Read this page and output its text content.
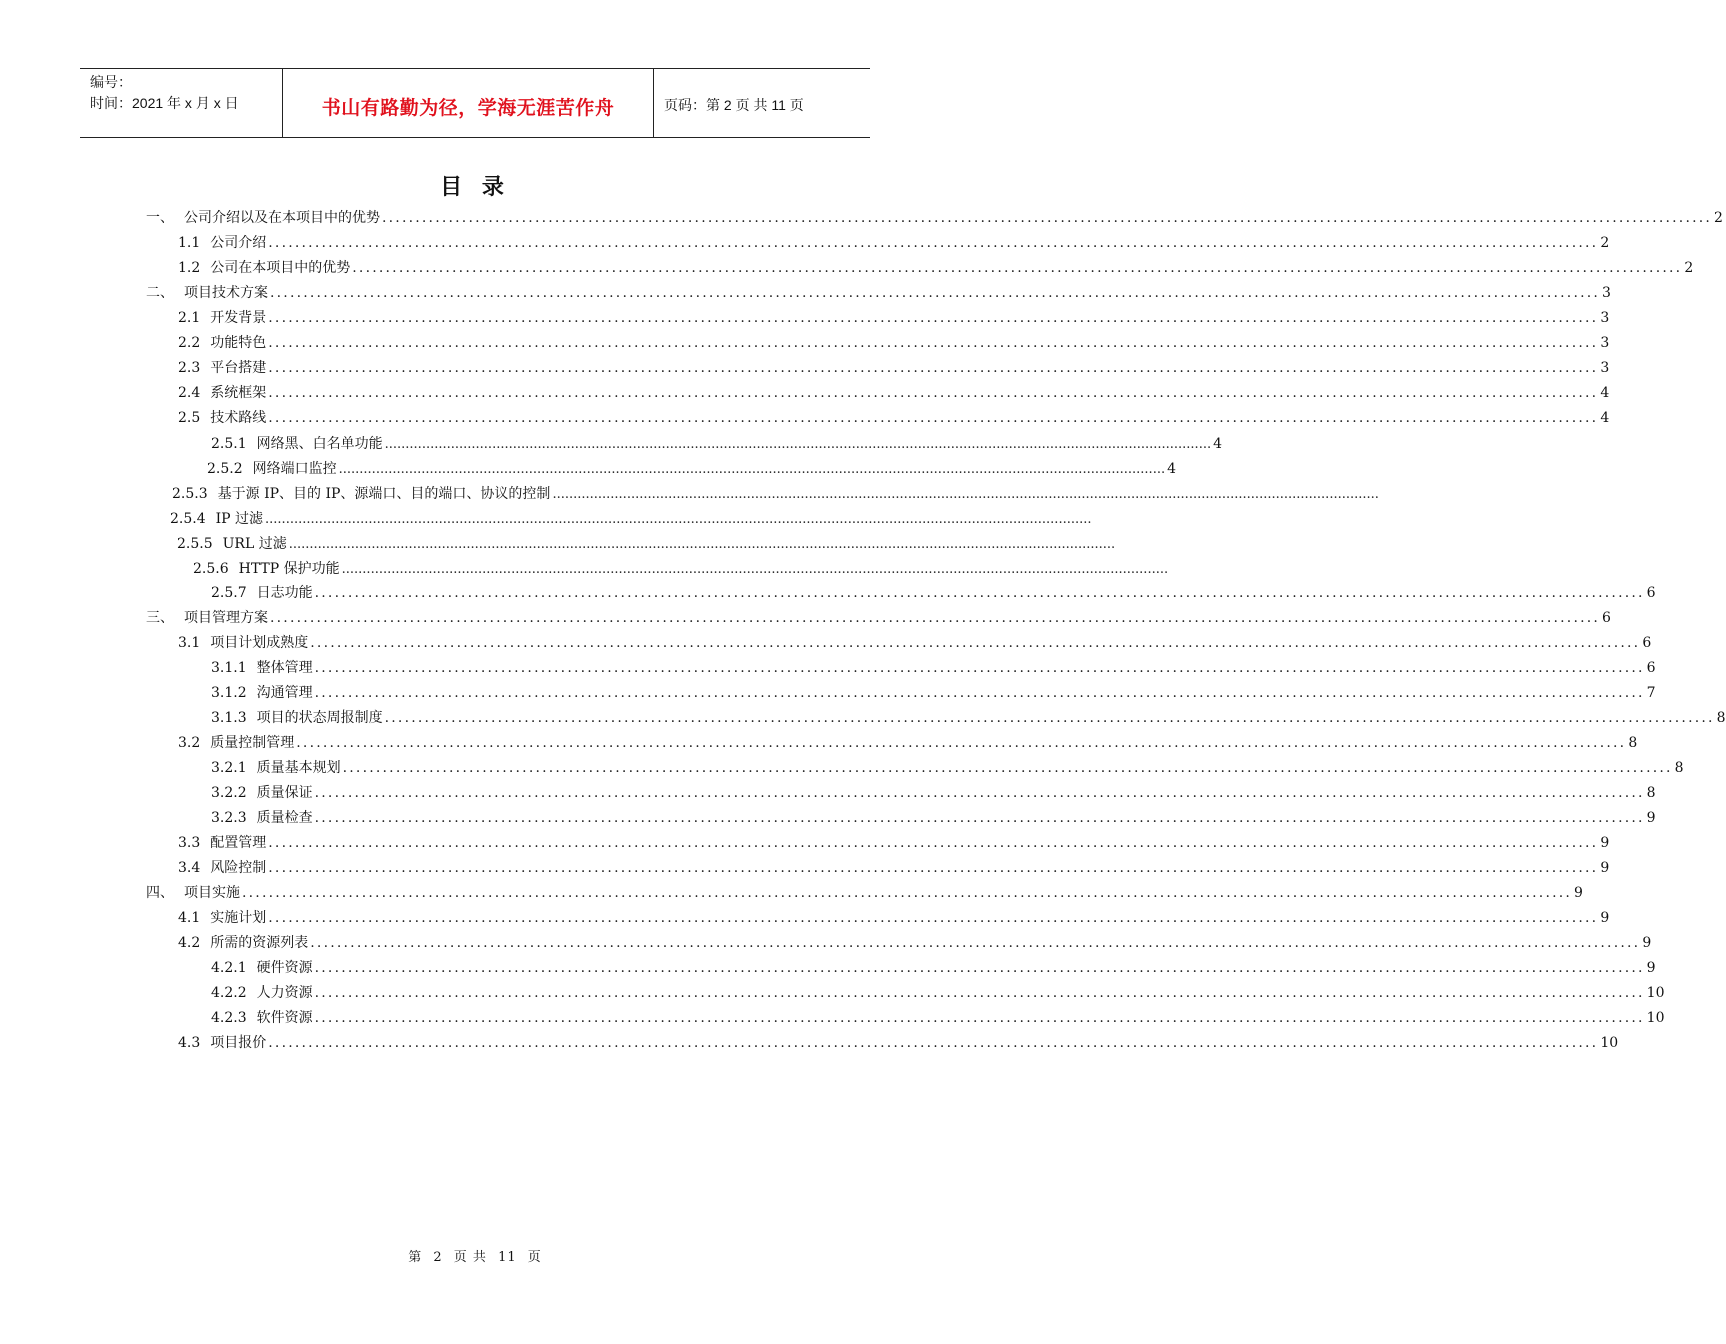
编号：
时间：2021 年 x 月 x 日	书山有路勤为径，学海无涯苦作舟	页码：第 2 页 共 11 页
目 录
一、 公司介绍以及在本项目中的优势 ........................................................................................................................................................................................................ 2
1.1 公司介绍 ........................................................................................................................................................................................................ 2
1.2 公司在本项目中的优势 ........................................................................................................................................................................................................ 2
二、 项目技术方案 ........................................................................................................................................................................................................ 3
2.1 开发背景 ........................................................................................................................................................................................................ 3
2.2 功能特色 ........................................................................................................................................................................................................ 3
2.3 平台搭建 ........................................................................................................................................................................................................ 3
2.4 系统框架 ........................................................................................................................................................................................................ 4
2.5 技术路线 ........................................................................................................................................................................................................ 4
2.5.1 网络黑、白名单功能 ........................................................................................................................................................................................................ 4
2.5.2 网络端口监控 ........................................................................................................................................................................................................ 4
2.5.3 基于源 IP、目的 IP、源端口、目的端口、协议的控制 ........................................................................................................................................................................................................
2.5.4 IP 过滤 ........................................................................................................................................................................................................
2.5.5 URL 过滤 ........................................................................................................................................................................................................
2.5.6 HTTP 保护功能 ........................................................................................................................................................................................................
2.5.7 日志功能 ........................................................................................................................................................................................................ 6
三、 项目管理方案 ........................................................................................................................................................................................................ 6
3.1 项目计划成熟度 ........................................................................................................................................................................................................ 6
3.1.1 整体管理 ........................................................................................................................................................................................................ 6
3.1.2 沟通管理 ........................................................................................................................................................................................................ 7
3.1.3 项目的状态周报制度 ........................................................................................................................................................................................................ 8
3.2 质量控制管理 ........................................................................................................................................................................................................ 8
3.2.1 质量基本规划 ........................................................................................................................................................................................................ 8
3.2.2 质量保证 ........................................................................................................................................................................................................ 8
3.2.3 质量检查 ........................................................................................................................................................................................................ 9
3.3 配置管理 ........................................................................................................................................................................................................ 9
3.4 风险控制 ........................................................................................................................................................................................................ 9
四、 项目实施 ........................................................................................................................................................................................................ 9
4.1 实施计划 ........................................................................................................................................................................................................ 9
4.2 所需的资源列表 ........................................................................................................................................................................................................ 9
4.2.1 硬件资源 ........................................................................................................................................................................................................ 9
4.2.2 人力资源 ........................................................................................................................................................................................................ 10
4.2.3 软件资源 ........................................................................................................................................................................................................ 10
4.3 项目报价 ........................................................................................................................................................................................................ 10
第 2 页 共 11 页
